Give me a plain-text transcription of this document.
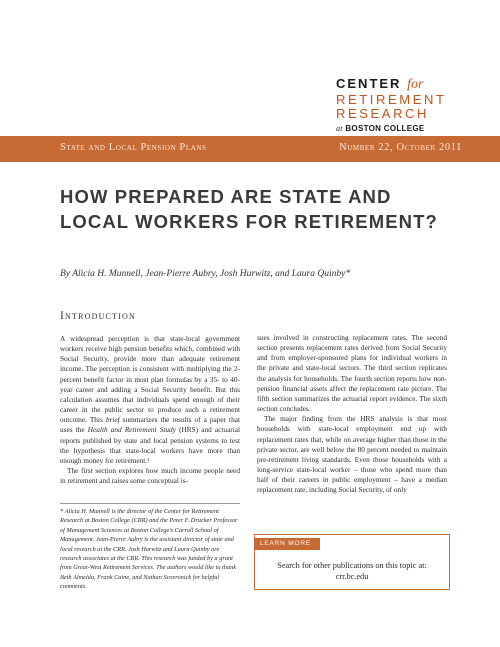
CENTER for
RETIREMENT
RESEARCH
at BOSTON COLLEGE
State and Local Pension Plans	Number 22, October 2011
HOW PREPARED ARE STATE AND LOCAL WORKERS FOR RETIREMENT?
By Alicia H. Munnell, Jean-Pierre Aubry, Josh Hurwitz, and Laura Quinby*
Introduction

A widespread perception is that state-local government workers receive high pension benefits which, combined with Social Security, provide more than adequate retirement income. The perception is consistent with multiplying the 2-percent benefit factor in most plan formulas by a 35- to 40-year career and adding a Social Security benefit. But this calculation assumes that individuals spend enough of their career in the public sector to produce such a retirement outcome. This brief summarizes the results of a paper that uses the Health and Retirement Study (HRS) and actuarial reports published by state and local pension systems to test the hypothesis that state-local workers have more than enough money for retirement.¹

The first section explores how much income people need in retirement and raises some conceptual is-

sues involved in constructing replacement rates. The second section presents replacement rates derived from Social Security and from employer-sponsored plans for individual workers in the private and state-local sectors. The third section replicates the analysis for households. The fourth section reports how non-pension financial assets affect the replacement rate picture. The fifth section summarizes the actuarial report evidence. The sixth section concludes.

The major finding from the HRS analysis is that most households with state-local employment end up with replacement rates that, while on average higher than those in the private sector, are well below the 80 percent needed to maintain pre-retirement living standards. Even those households with a long-service state-local worker – those who spend more than half of their careers in public employment – have a median replacement rate, including Social Security, of only

* Alicia H. Munnell is the director of the Center for Retirement Research at Boston College (CRR) and the Peter F. Drucker Professor of Management Sciences at Boston College's Carroll School of Management. Jean-Pierre Aubry is the assistant director of state and local research at the CRR. Josh Hurwitz and Laura Quinby are research associates at the CRR. This research was funded by a grant from Great-West Retirement Services. The authors would like to thank Beth Almeida, Frank Caine, and Nathan Scovronick for helpful comments.
LEARN MORE
Search for other publications on this topic at:
crr.bc.edu
